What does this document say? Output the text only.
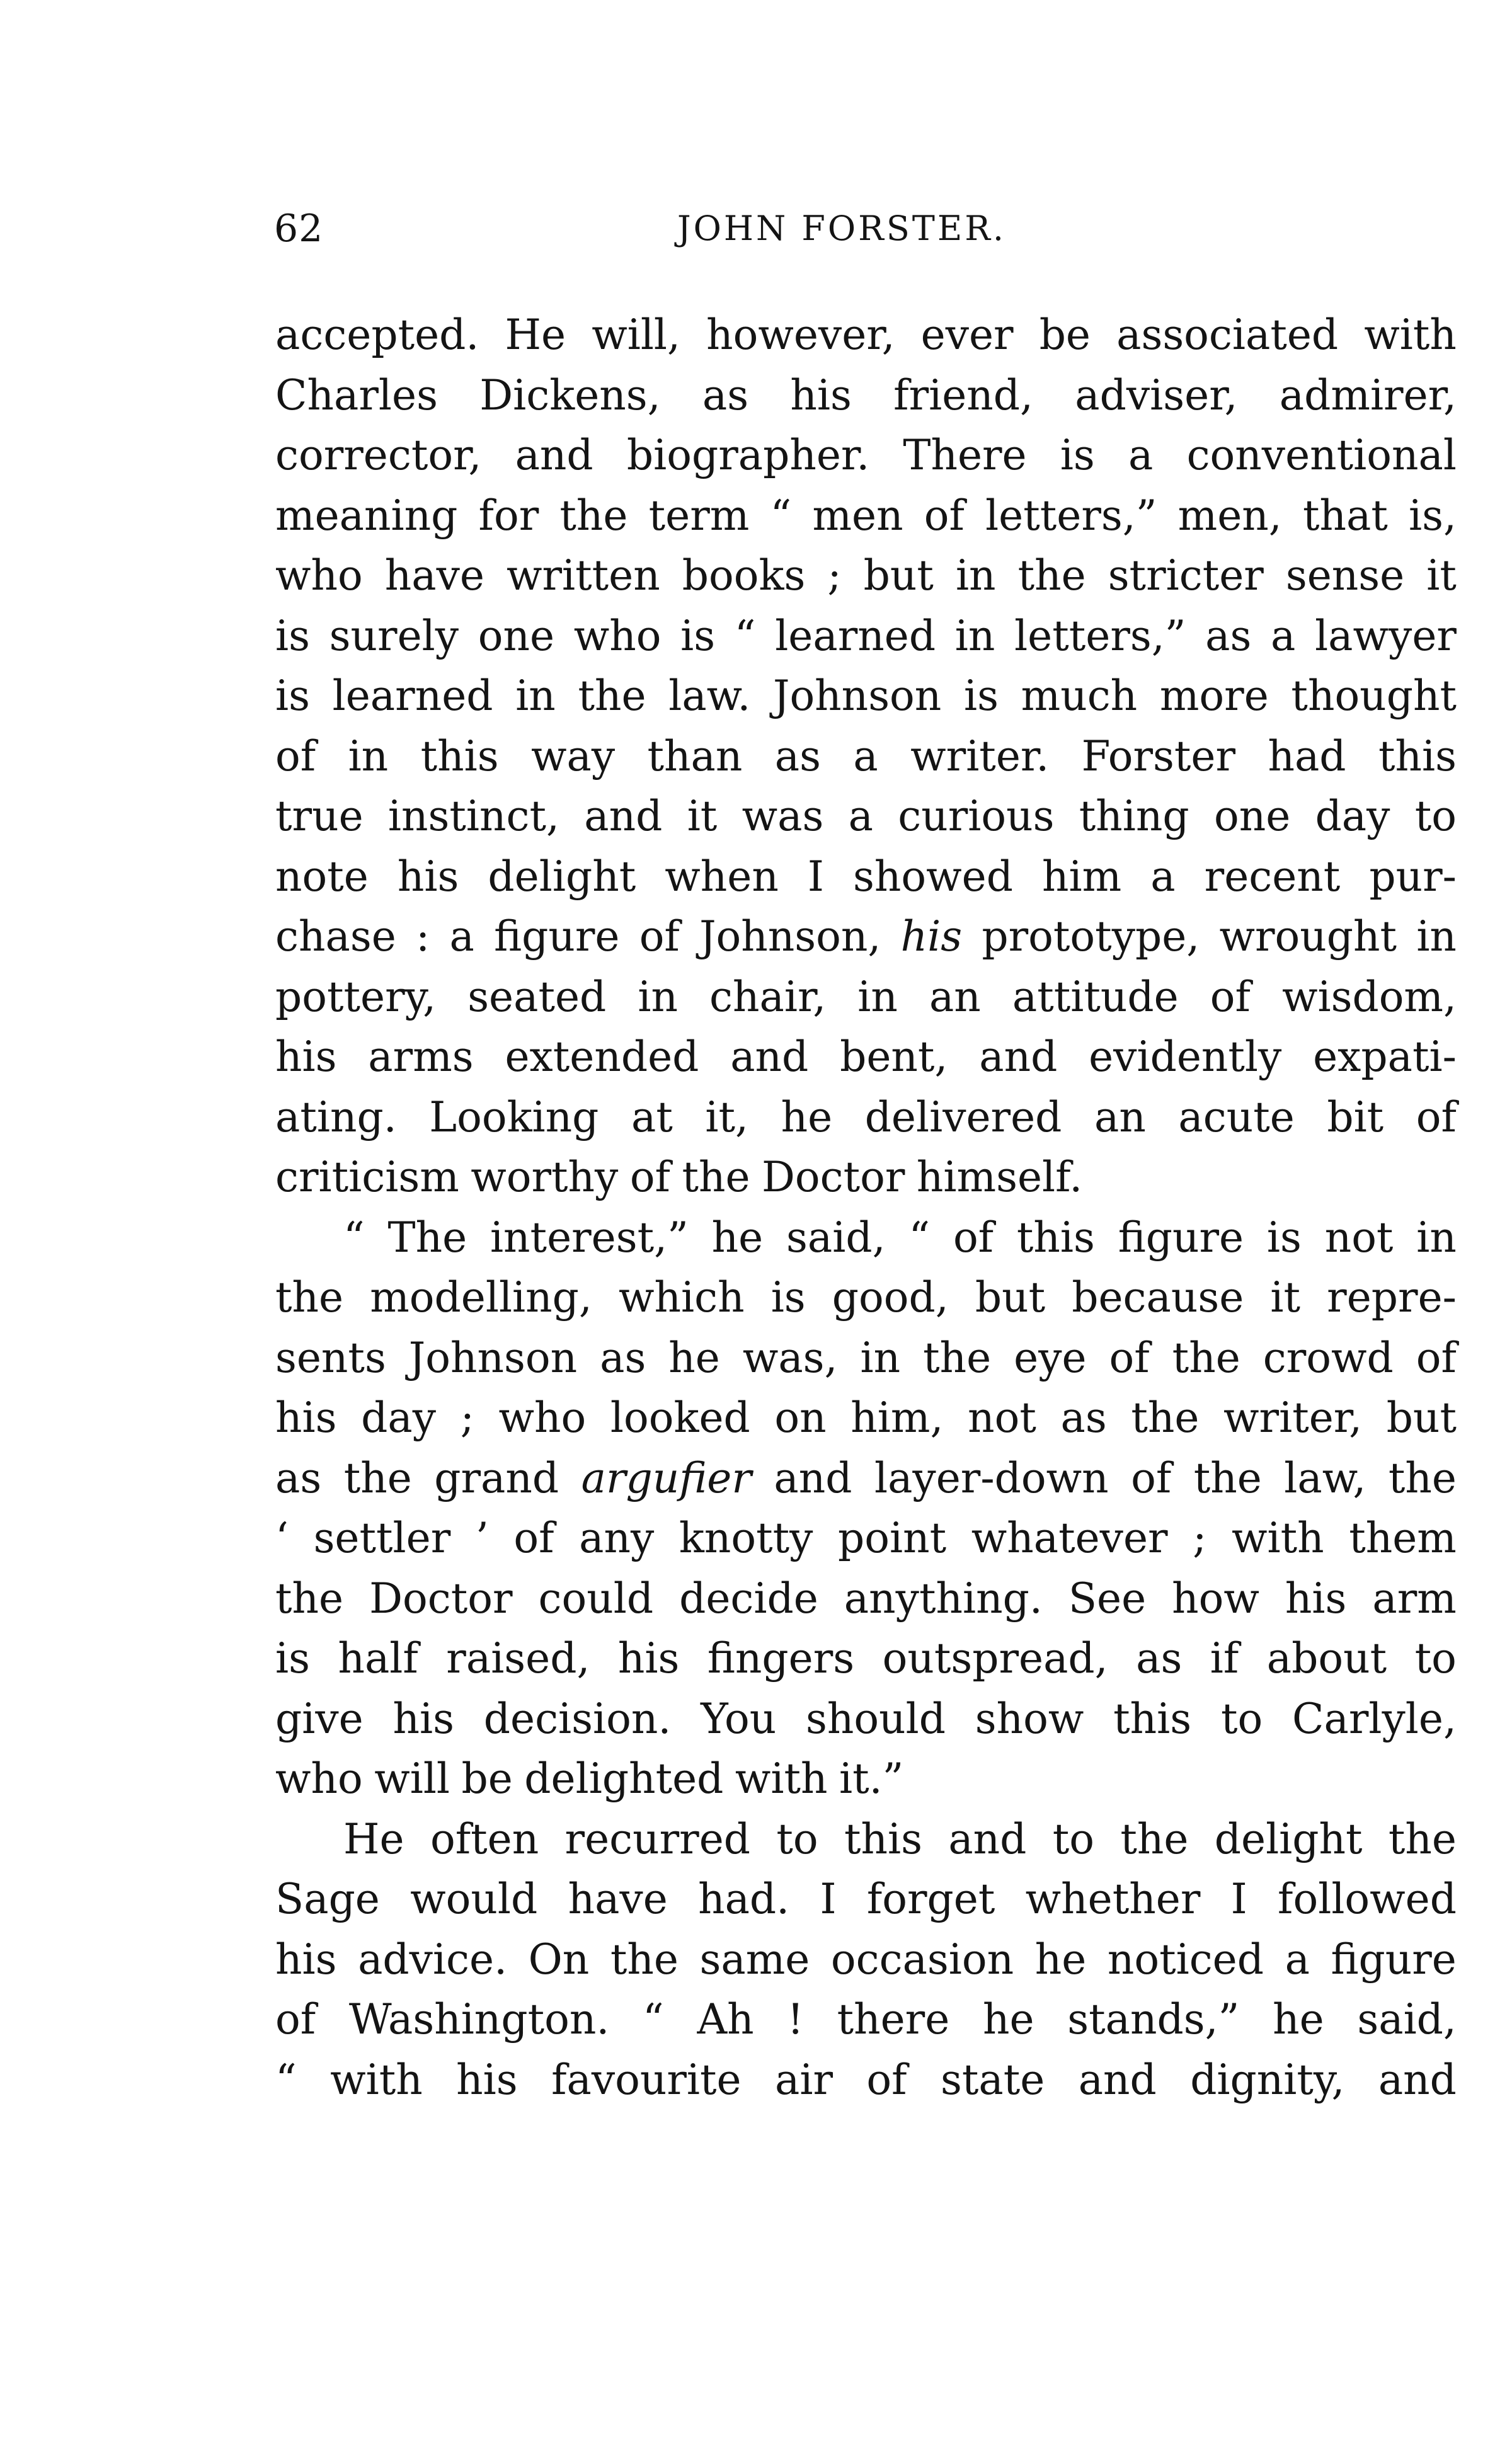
62	JOHN FORSTER.
accepted. He will, however, ever be associated with
Charles Dickens, as his friend, adviser, admirer,
corrector, and biographer. There is a conventional
meaning for the term “ men of letters,” men, that is,
who have written books ; but in the stricter sense it
is surely one who is “ learned in letters,” as a lawyer
is learned in the law. Johnson is much more thought
of in this way than as a writer. Forster had this
true instinct, and it was a curious thing one day to
note his delight when I showed him a recent pur-
chase : a figure of Johnson, his prototype, wrought in
pottery, seated in chair, in an attitude of wisdom,
his arms extended and bent, and evidently expati-
ating. Looking at it, he delivered an acute bit of
criticism worthy of the Doctor himself.
“ The interest,” he said, “ of this figure is not in
the modelling, which is good, but because it repre-
sents Johnson as he was, in the eye of the crowd of
his day ; who looked on him, not as the writer, but
as the grand argufier and layer-down of the law, the
‘ settler ’ of any knotty point whatever ; with them
the Doctor could decide anything. See how his arm
is half raised, his fingers outspread, as if about to
give his decision. You should show this to Carlyle,
who will be delighted with it.”
He often recurred to this and to the delight the
Sage would have had. I forget whether I followed
his advice. On the same occasion he noticed a figure
of Washington. “ Ah ! there he stands,” he said,
“ with his favourite air of state and dignity, and
